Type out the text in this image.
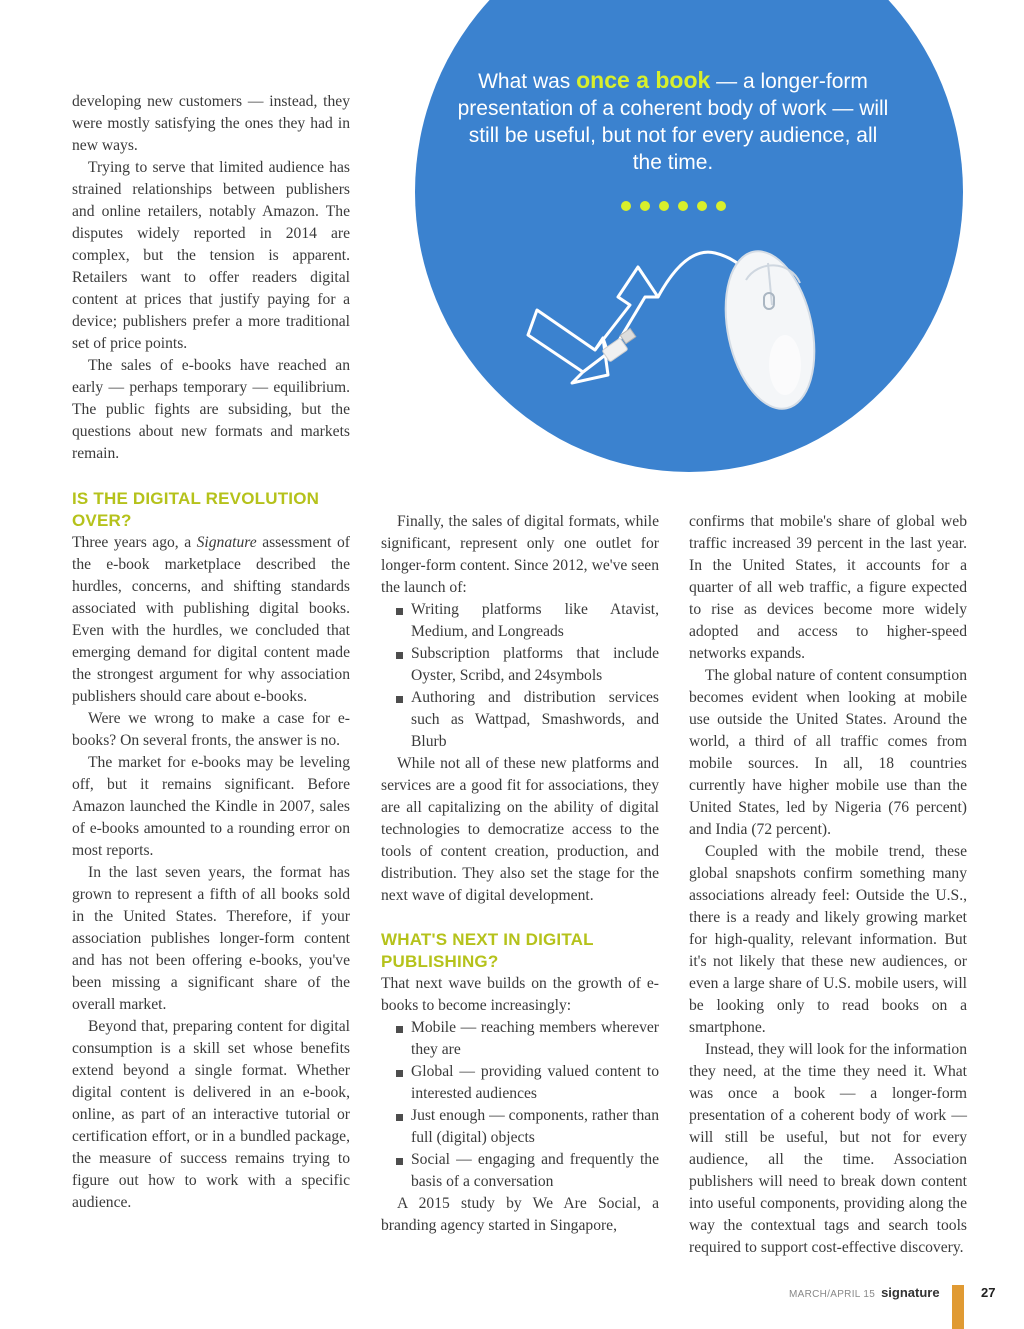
What was once a book — a longer-form presentation of a coherent body of work — will still be useful, but not for every audience, all the time.

developing new customers — instead, they were mostly satisfying the ones they had in new ways.

Trying to serve that limited audience has strained relationships between publishers and online retailers, notably Amazon. The disputes widely reported in 2014 are complex, but the tension is apparent. Retailers want to offer readers digital content at prices that justify paying for a device; publishers prefer a more traditional set of price points.

The sales of e-books have reached an early — perhaps temporary — equilibrium. The public fights are subsiding, but the questions about new formats and markets remain.

IS THE DIGITAL REVOLUTION OVER?

Three years ago, a Signature assessment of the e-book marketplace described the hurdles, concerns, and shifting standards associated with publishing digital books. Even with the hurdles, we concluded that emerging demand for digital content made the strongest argument for why association publishers should care about e-books.

Were we wrong to make a case for e-books? On several fronts, the answer is no.

The market for e-books may be leveling off, but it remains significant. Before Amazon launched the Kindle in 2007, sales of e-books amounted to a rounding error on most reports.

In the last seven years, the format has grown to represent a fifth of all books sold in the United States. Therefore, if your association publishes longer-form content and has not been offering e-books, you've been missing a significant share of the overall market.

Beyond that, preparing content for digital consumption is a skill set whose benefits extend beyond a single format. Whether digital content is delivered in an e-book, online, as part of an interactive tutorial or certification effort, or in a bundled package, the measure of success remains trying to figure out how to work with a specific audience.

Finally, the sales of digital formats, while significant, represent only one outlet for longer-form content. Since 2012, we've seen the launch of:

Writing platforms like Atavist, Medium, and Longreads
Subscription platforms that include Oyster, Scribd, and 24symbols
Authoring and distribution services such as Wattpad, Smashwords, and Blurb

While not all of these new platforms and services are a good fit for associations, they are all capitalizing on the ability of digital technologies to democratize access to the tools of content creation, production, and distribution. They also set the stage for the next wave of digital development.

WHAT'S NEXT IN DIGITAL PUBLISHING?

That next wave builds on the growth of e-books to become increasingly:

Mobile — reaching members wherever they are
Global — providing valued content to interested audiences
Just enough — components, rather than full (digital) objects
Social — engaging and frequently the basis of a conversation

A 2015 study by We Are Social, a branding agency started in Singapore,

confirms that mobile's share of global web traffic increased 39 percent in the last year. In the United States, it accounts for a quarter of all web traffic, a figure expected to rise as devices become more widely adopted and access to higher-speed networks expands.

The global nature of content consumption becomes evident when looking at mobile use outside the United States. Around the world, a third of all traffic comes from mobile sources. In all, 18 countries currently have higher mobile use than the United States, led by Nigeria (76 percent) and India (72 percent).

Coupled with the mobile trend, these global snapshots confirm something many associations already feel: Outside the U.S., there is a ready and likely growing market for high-quality, relevant information. But it's not likely that these new audiences, or even a large share of U.S. mobile users, will be looking only to read books on a smartphone.

Instead, they will look for the information they need, at the time they need it. What was once a book — a longer-form presentation of a coherent body of work — will still be useful, but not for every audience, all the time. Association publishers will need to break down content into useful components, providing along the way the contextual tags and search tools required to support cost-effective discovery.

MARCH/APRIL 15 signature	27
